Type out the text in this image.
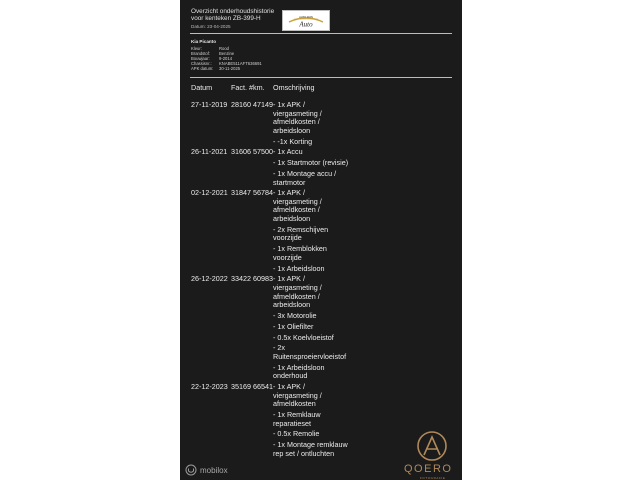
Overzicht onderhoudshistorie
voor kenteken ZB-399-H
Datum: 23-04-2025	Auto
AUTO RIJN
Kia Picanto
Kleur:	Rood
Brandstof:	Benzine
Bouwjaar:	9-2014
Chassisnr.:	KNABE511AFT636691
APK datum:	30-11-2025
Datum	Fact. # km. Omschrijving
27-11-2019 28160 47149 - 1x APK / viergasmeting / afmeldkosten / arbeidsloon
- -1x Korting
26-11-2021 31606 57500 - 1x Accu
- 1x Startmotor (revisie)
- 1x Montage accu / startmotor
02-12-2021 31847 56784 - 1x APK / viergasmeting / afmeldkosten / arbeidsloon
- 2x Remschijven voorzijde
- 1x Remblokken voorzijde
- 1x Arbeidsloon
26-12-2022 33422 60983 - 1x APK / viergasmeting / afmeldkosten / arbeidsloon
- 3x Motorolie
- 1x Oliefilter
- 0.5x Koelvloeistof
- 2x Ruitensproeiervloeistof
- 1x Arbeidsloon onderhoud
22-12-2023 35169 66541 - 1x APK / viergasmeting / afmeldkosten
- 1x Remklauw reparatieset
- 0.5x Remolie
- 1x Montage remklauw rep set / ontluchten
QOERO
FOTOGRAFIE
mobilox
